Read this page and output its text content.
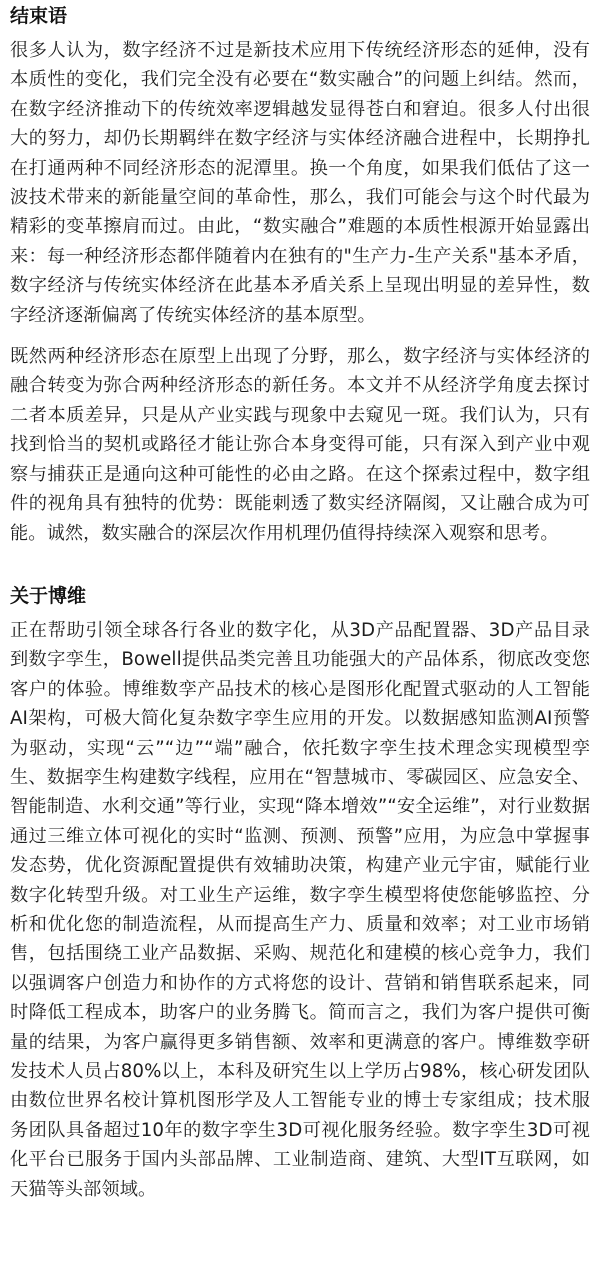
结束语

很多人认为，数字经济不过是新技术应用下传统经济形态的延伸，没有本质性的变化，我们完全没有必要在“数实融合”的问题上纠结。然而，在数字经济推动下的传统效率逻辑越发显得苍白和窘迫。很多人付出很大的努力，却仍长期羁绊在数字经济与实体经济融合进程中，长期挣扎在打通两种不同经济形态的泥潭里。换一个角度，如果我们低估了这一波技术带来的新能量空间的革命性，那么，我们可能会与这个时代最为精彩的变革擦肩而过。由此，“数实融合”难题的本质性根源开始显露出来：每一种经济形态都伴随着内在独有的"生产力-生产关系"基本矛盾，数字经济与传统实体经济在此基本矛盾关系上呈现出明显的差异性，数字经济逐渐偏离了传统实体经济的基本原型。

既然两种经济形态在原型上出现了分野，那么，数字经济与实体经济的融合转变为弥合两种经济形态的新任务。本文并不从经济学角度去探讨二者本质差异，只是从产业实践与现象中去窥见一斑。我们认为，只有找到恰当的契机或路径才能让弥合本身变得可能，只有深入到产业中观察与捕获正是通向这种可能性的必由之路。在这个探索过程中，数字组件的视角具有独特的优势：既能刺透了数实经济隔阂，又让融合成为可能。诚然，数实融合的深层次作用机理仍值得持续深入观察和思考。

关于博维

正在帮助引领全球各行各业的数字化，从3D产品配置器、3D产品目录到数字孪生，Bowell提供品类完善且功能强大的产品体系，彻底改变您客户的体验。博维数孪产品技术的核心是图形化配置式驱动的人工智能AI架构，可极大简化复杂数字孪生应用的开发。以数据感知监测AI预警为驱动，实现“云”“边”“端”融合，依托数字孪生技术理念实现模型孪生、数据孪生构建数字线程，应用在“智慧城市、零碳园区、应急安全、智能制造、水利交通”等行业，实现“降本增效”“安全运维”，对行业数据通过三维立体可视化的实时“监测、预测、预警”应用，为应急中掌握事发态势，优化资源配置提供有效辅助决策，构建产业元宇宙，赋能行业数字化转型升级。对工业生产运维，数字孪生模型将使您能够监控、分析和优化您的制造流程，从而提高生产力、质量和效率；对工业市场销售，包括围绕工业产品数据、采购、规范化和建模的核心竞争力，我们以强调客户创造力和协作的方式将您的设计、营销和销售联系起来，同时降低工程成本，助客户的业务腾飞。简而言之，我们为客户提供可衡量的结果，为客户赢得更多销售额、效率和更满意的客户。博维数孪研发技术人员占80%以上，本科及研究生以上学历占98%，核心研发团队由数位世界名校计算机图形学及人工智能专业的博士专家组成；技术服务团队具备超过10年的数字孪生3D可视化服务经验。数字孪生3D可视化平台已服务于国内头部品牌、工业制造商、建筑、大型IT互联网，如天猫等头部领域。
